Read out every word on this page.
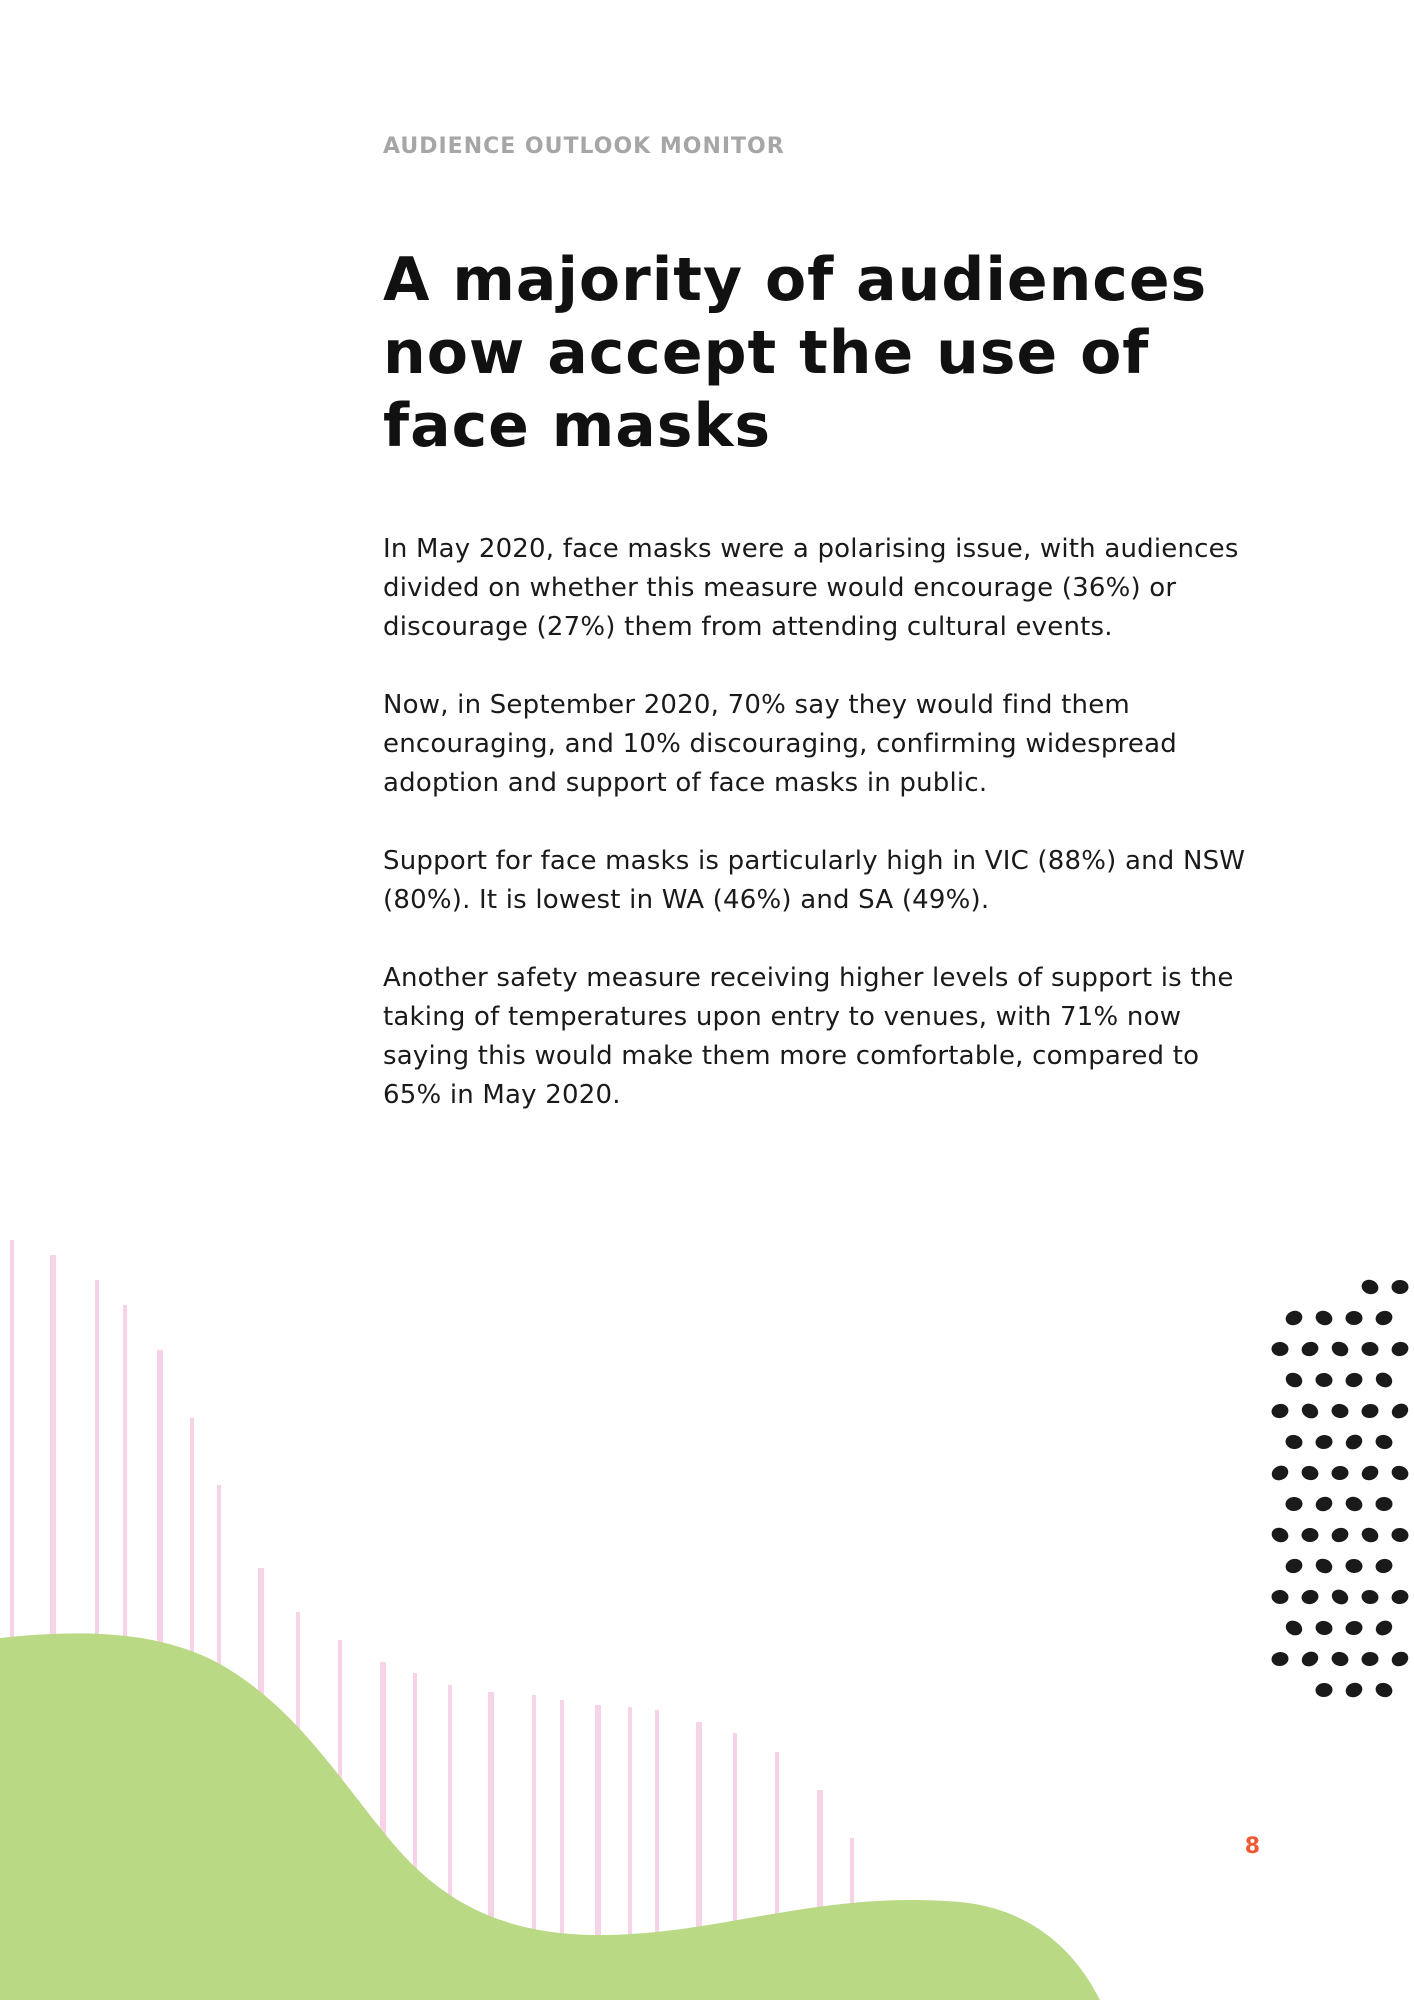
AUDIENCE OUTLOOK MONITOR
A majority of audiences
now accept the use of
face masks

In May 2020, face masks were a polarising issue, with audiences divided on whether this measure would encourage (36%) or discourage (27%) them from attending cultural events.

Now, in September 2020, 70% say they would find them encouraging, and 10% discouraging, confirming widespread adoption and support of face masks in public.

Support for face masks is particularly high in VIC (88%) and NSW (80%). It is lowest in WA (46%) and SA (49%).

Another safety measure receiving higher levels of support is the taking of temperatures upon entry to venues, with 71% now saying this would make them more comfortable, compared to 65% in May 2020.

8
